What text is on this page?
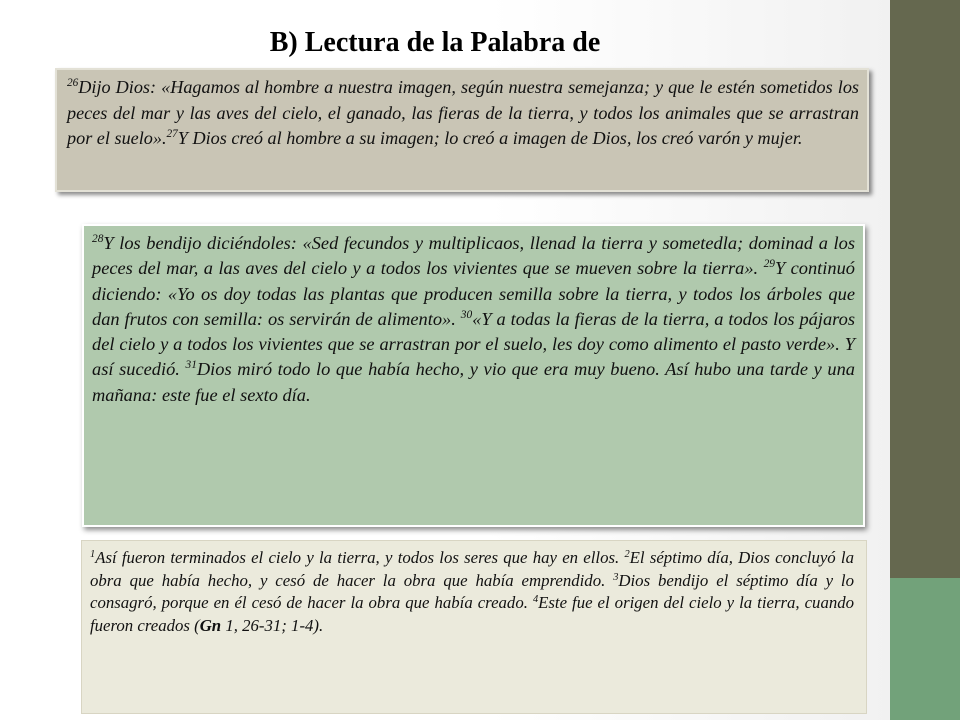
B) Lectura de la Palabra de
$^{26}$Dijo Dios: «Hagamos al hombre a nuestra imagen, según nuestra semejanza; y que le estén sometidos los peces del mar y las aves del cielo, el ganado, las fieras de la tierra, y todos los animales que se arrastran por el suelo».$^{27}$Y Dios creó al hombre a su imagen; lo creó a imagen de Dios, los creó varón y mujer.
$^{28}$Y los bendijo diciéndoles: «Sed fecundos y multiplicaos, llenad la tierra y sometedla; dominad a los peces del mar, a las aves del cielo y a todos los vivientes que se mueven sobre la tierra». $^{29}$Y continuó diciendo: «Yo os doy todas las plantas que producen semilla sobre la tierra, y todos los árboles que dan frutos con semilla: os servirán de alimento». $^{30}$«Y a todas la fieras de la tierra, a todos los pájaros del cielo y a todos los vivientes que se arrastran por el suelo, les doy como alimento el pasto verde». Y así sucedió. $^{31}$Dios miró todo lo que había hecho, y vio que era muy bueno. Así hubo una tarde y una mañana: este fue el sexto día.
$^1$Así fueron terminados el cielo y la tierra, y todos los seres que hay en ellos. $^2$El séptimo día, Dios concluyó la obra que había hecho, y cesó de hacer la obra que había emprendido. $^3$Dios bendijo el séptimo día y lo consagró, porque en él cesó de hacer la obra que había creado. $^4$Este fue el origen del cielo y la tierra, cuando fueron creados (Gn 1, 26-31; 1-4).
